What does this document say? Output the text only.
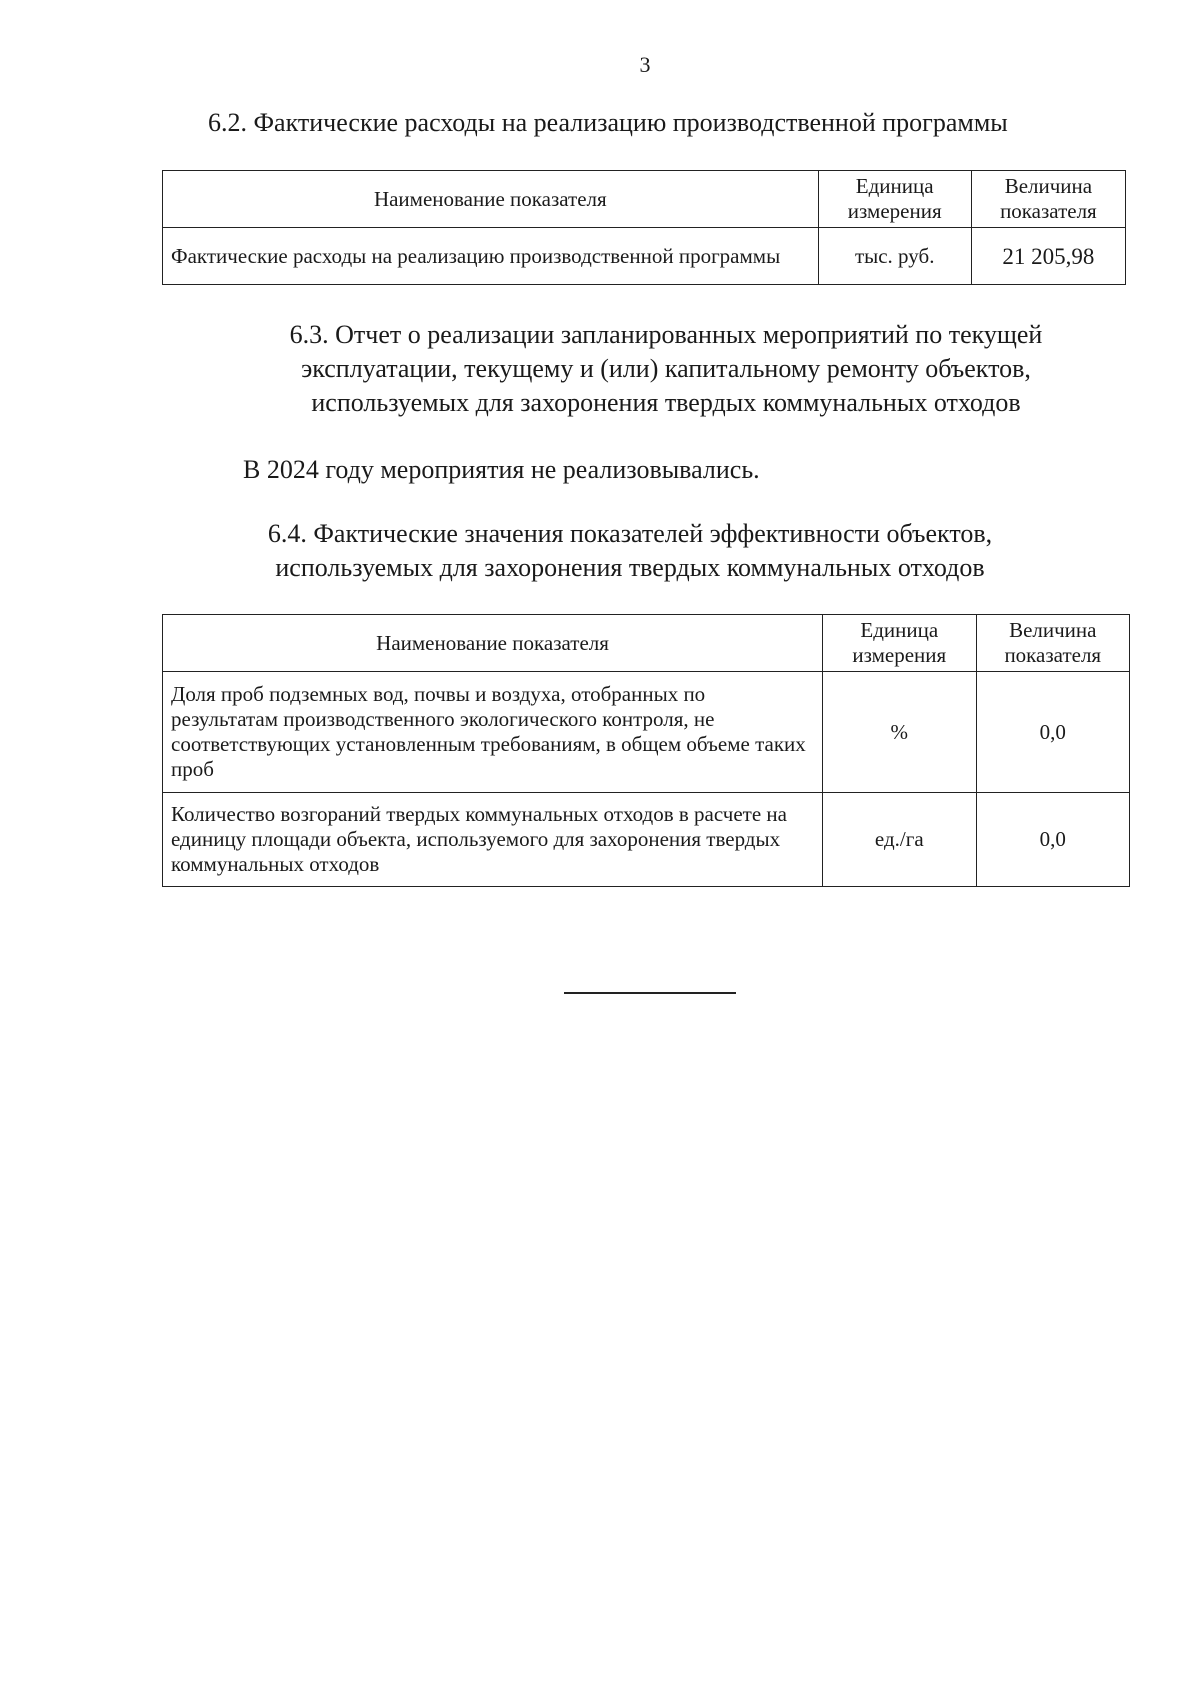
3
6.2. Фактические расходы на реализацию производственной программы
Наименование показателя	Единица измерения	Величина показателя
Фактические расходы на реализацию производственной программы	тыс. руб.	21 205,98
6.3. Отчет о реализации запланированных мероприятий по текущей эксплуатации, текущему и (или) капитальному ремонту объектов, используемых для захоронения твердых коммунальных отходов
В 2024 году мероприятия не реализовывались.
6.4. Фактические значения показателей эффективности объектов, используемых для захоронения твердых коммунальных отходов
Наименование показателя	Единица измерения	Величина показателя
Доля проб подземных вод, почвы и воздуха, отобранных по результатам производственного экологического контроля, не соответствующих установленным требованиям, в общем объеме таких проб	%	0,0
Количество возгораний твердых коммунальных отходов в расчете на единицу площади объекта, используемого для захоронения твердых коммунальных отходов	ед./га	0,0
